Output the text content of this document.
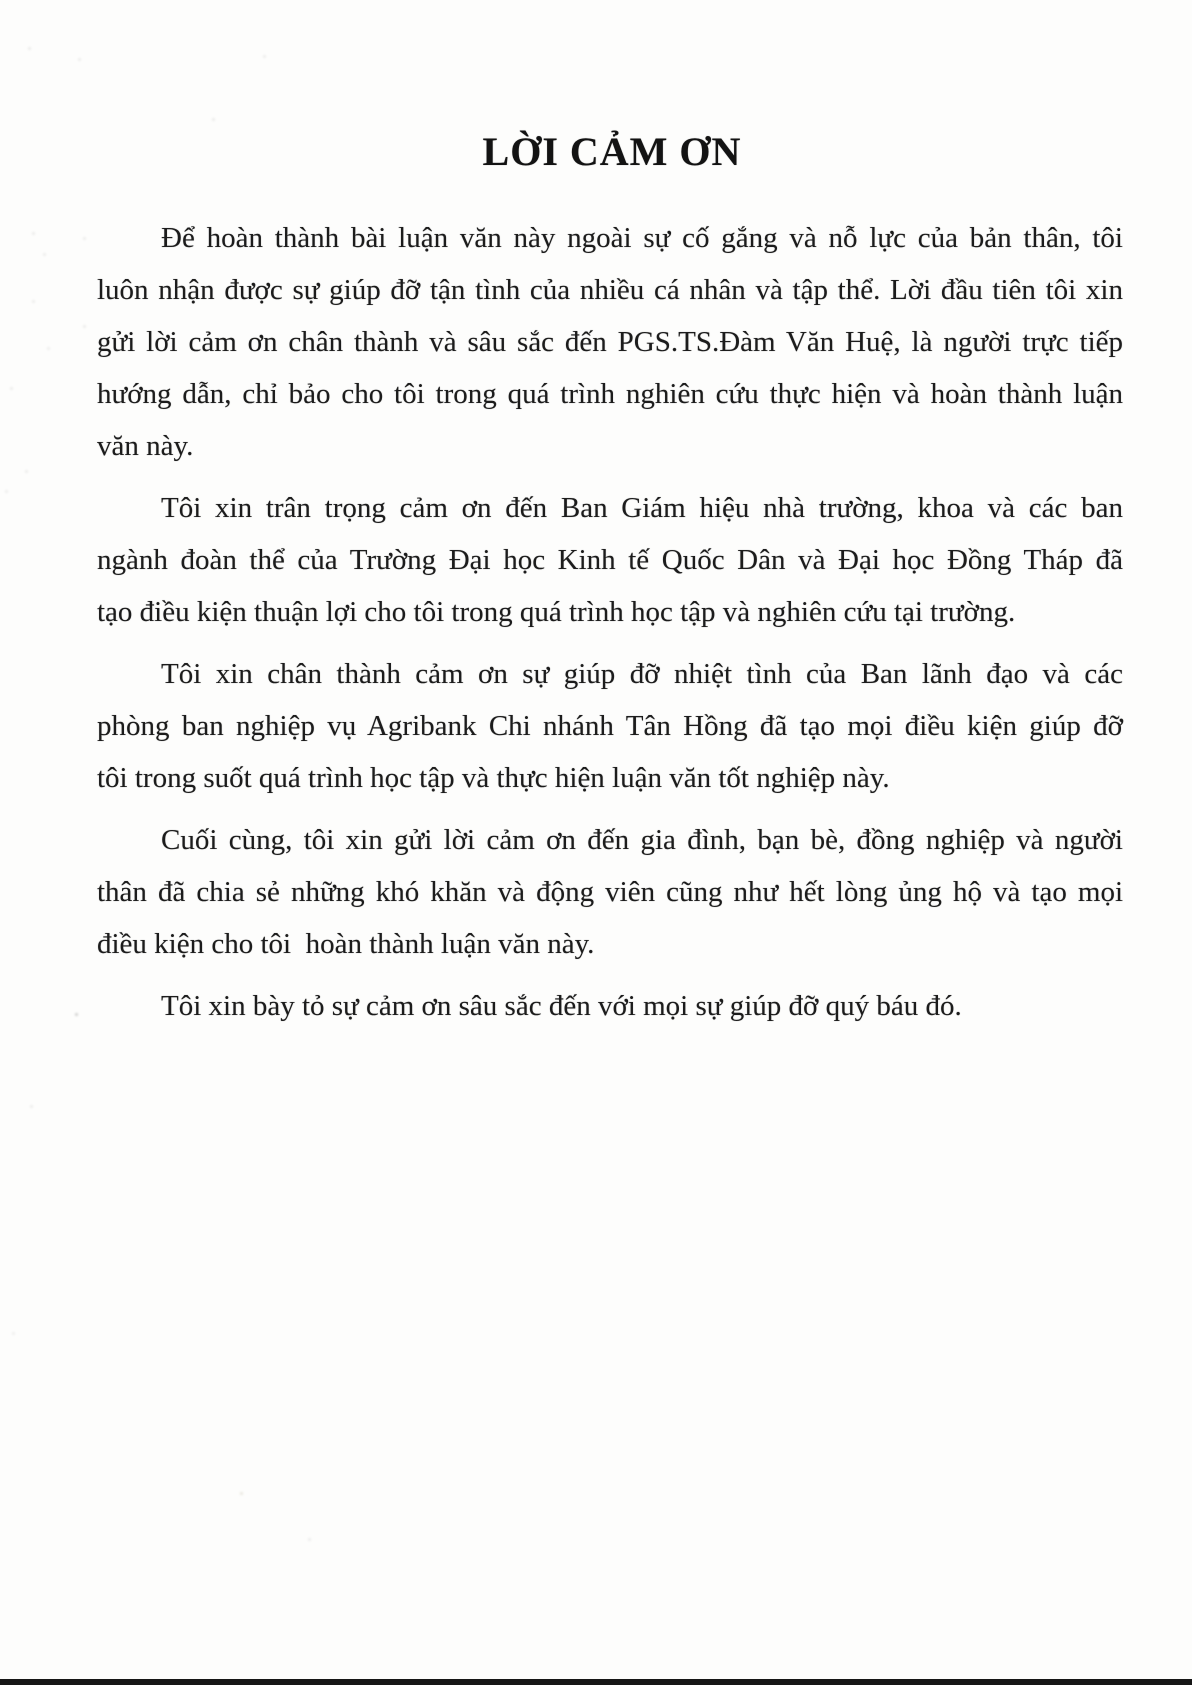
LỜI CẢM ƠN
Để hoàn thành bài luận văn này ngoài sự cố gắng và nỗ lực của bản thân, tôi
luôn nhận được sự giúp đỡ tận tình của nhiều cá nhân và tập thể. Lời đầu tiên tôi xin
gửi lời cảm ơn chân thành và sâu sắc đến PGS.TS.Đàm Văn Huệ, là người trực tiếp
hướng dẫn, chỉ bảo cho tôi trong quá trình nghiên cứu thực hiện và hoàn thành luận
văn này.
Tôi xin trân trọng cảm ơn đến Ban Giám hiệu nhà trường, khoa và các ban
ngành đoàn thể của Trường Đại học Kinh tế Quốc Dân và Đại học Đồng Tháp đã
tạo điều kiện thuận lợi cho tôi trong quá trình học tập và nghiên cứu tại trường.
Tôi xin chân thành cảm ơn sự giúp đỡ nhiệt tình của Ban lãnh đạo và các
phòng ban nghiệp vụ Agribank Chi nhánh Tân Hồng đã tạo mọi điều kiện giúp đỡ
tôi trong suốt quá trình học tập và thực hiện luận văn tốt nghiệp này.
Cuối cùng, tôi xin gửi lời cảm ơn đến gia đình, bạn bè, đồng nghiệp và người
thân đã chia sẻ những khó khăn và động viên cũng như hết lòng ủng hộ và tạo mọi
điều kiện cho tôi  hoàn thành luận văn này.
Tôi xin bày tỏ sự cảm ơn sâu sắc đến với mọi sự giúp đỡ quý báu đó.
